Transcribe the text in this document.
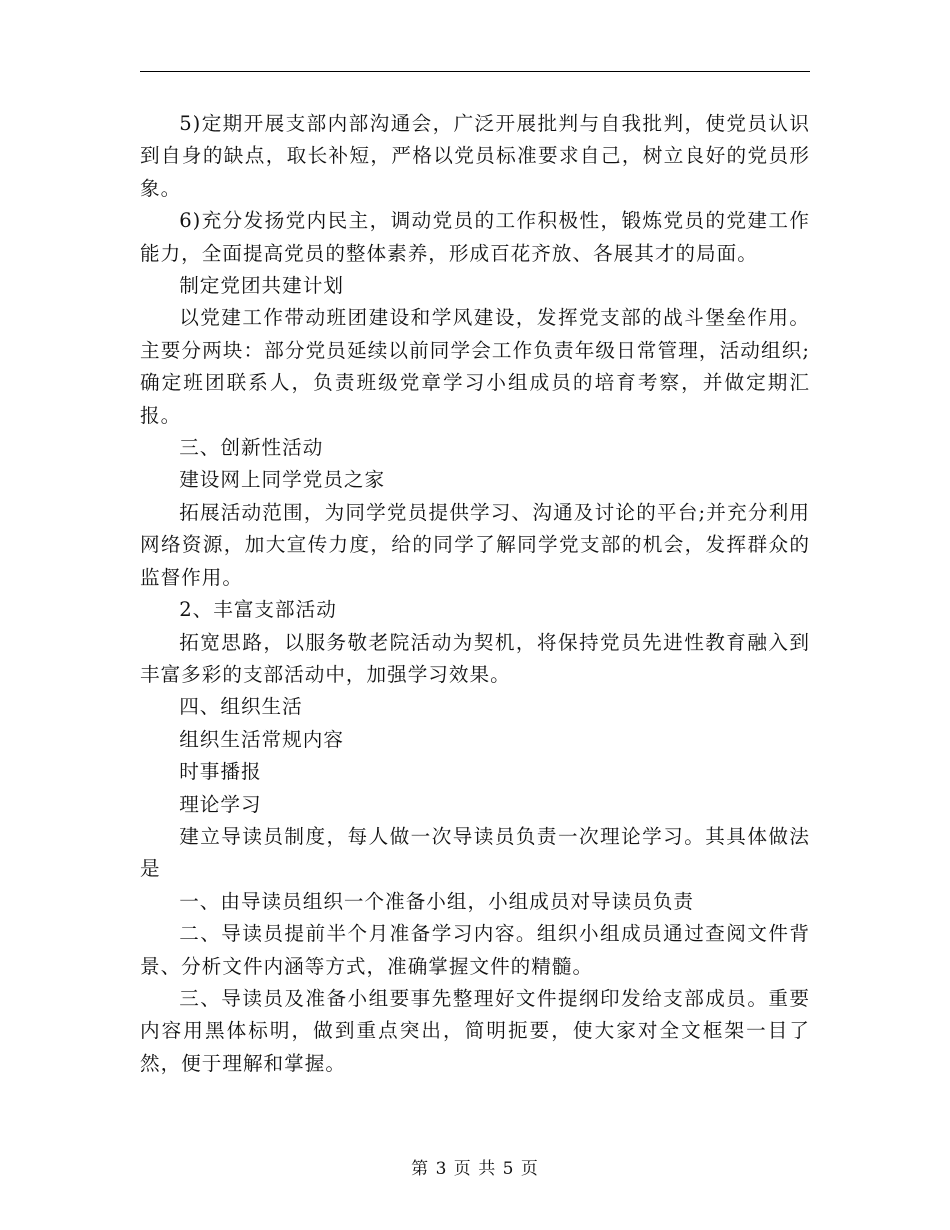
5)定期开展支部内部沟通会，广泛开展批判与自我批判，使党员认识到自身的缺点，取长补短，严格以党员标准要求自己，树立良好的党员形象。

6)充分发扬党内民主，调动党员的工作积极性，锻炼党员的党建工作能力，全面提高党员的整体素养，形成百花齐放、各展其才的局面。

制定党团共建计划

以党建工作带动班团建设和学风建设，发挥党支部的战斗堡垒作用。主要分两块：部分党员延续以前同学会工作负责年级日常管理，活动组织;确定班团联系人，负责班级党章学习小组成员的培育考察，并做定期汇报。

三、创新性活动

建设网上同学党员之家

拓展活动范围，为同学党员提供学习、沟通及讨论的平台;并充分利用网络资源，加大宣传力度，给的同学了解同学党支部的机会，发挥群众的监督作用。

2、丰富支部活动

拓宽思路，以服务敬老院活动为契机，将保持党员先进性教育融入到丰富多彩的支部活动中，加强学习效果。

四、组织生活

组织生活常规内容

时事播报

理论学习

建立导读员制度，每人做一次导读员负责一次理论学习。其具体做法是

一、由导读员组织一个准备小组，小组成员对导读员负责

二、导读员提前半个月准备学习内容。组织小组成员通过查阅文件背景、分析文件内涵等方式，准确掌握文件的精髓。

三、导读员及准备小组要事先整理好文件提纲印发给支部成员。重要内容用黑体标明，做到重点突出，简明扼要，使大家对全文框架一目了然，便于理解和掌握。

第 3 页 共 5 页
